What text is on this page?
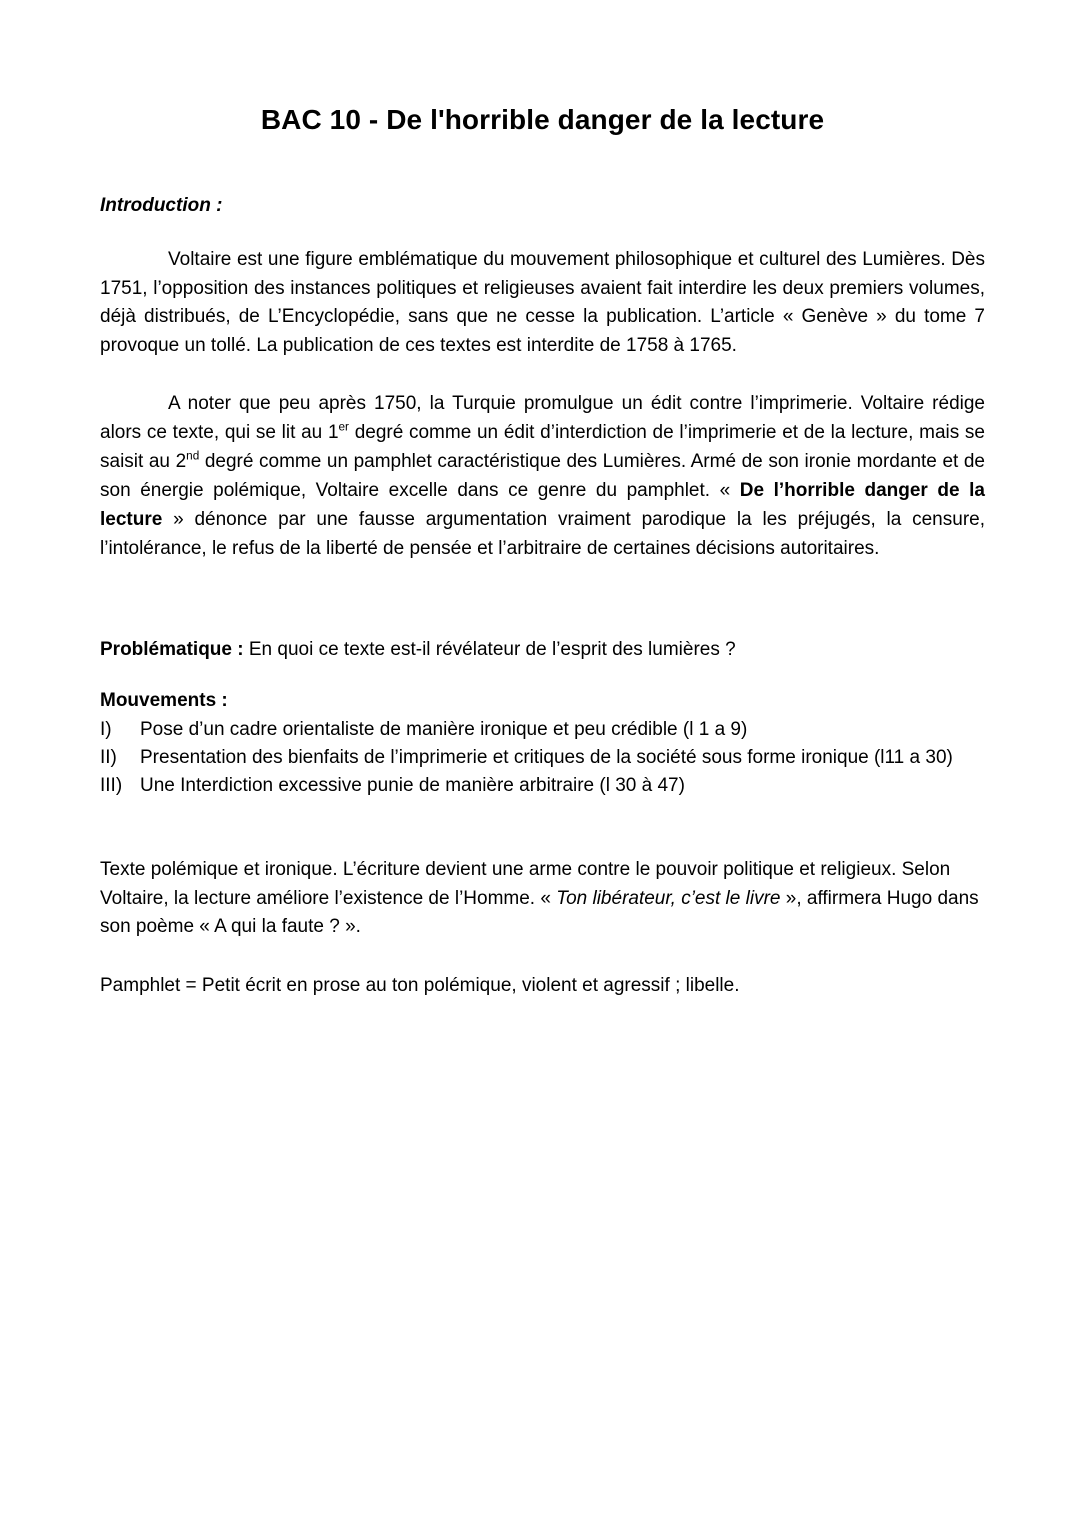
BAC 10 - De l'horrible danger de la lecture
Introduction :

Voltaire est une figure emblématique du mouvement philosophique et culturel des Lumières. Dès 1751, l’opposition des instances politiques et religieuses avaient fait interdire les deux premiers volumes, déjà distribués, de L’Encyclopédie, sans que ne cesse la publication. L’article « Genève » du tome 7 provoque un tollé. La publication de ces textes est interdite de 1758 à 1765.

A noter que peu après 1750, la Turquie promulgue un édit contre l’imprimerie. Voltaire rédige alors ce texte, qui se lit au 1er degré comme un édit d’interdiction de l’imprimerie et de la lecture, mais se saisit au 2nd degré comme un pamphlet caractéristique des Lumières. Armé de son ironie mordante et de son énergie polémique, Voltaire excelle dans ce genre du pamphlet. « De l’horrible danger de la lecture » dénonce par une fausse argumentation vraiment parodique la les préjugés, la censure, l’intolérance, le refus de la liberté de pensée et l’arbitraire de certaines décisions autoritaires.

Problématique : En quoi ce texte est-il révélateur de l’esprit des lumières ?

Mouvements :

I)	Pose d’un cadre orientaliste de manière ironique et peu crédible (l 1 a 9)
II)	Presentation des bienfaits de l’imprimerie et critiques de la société sous forme ironique (l11 a 30)
III) Une Interdiction excessive punie de manière arbitraire (l 30 à 47)

Texte polémique et ironique. L’écriture devient une arme contre le pouvoir politique et religieux. Selon Voltaire, la lecture améliore l’existence de l’Homme. « Ton libérateur, c’est le livre », affirmera Hugo dans son poème « A qui la faute ? ».

Pamphlet = Petit écrit en prose au ton polémique, violent et agressif ; libelle.
